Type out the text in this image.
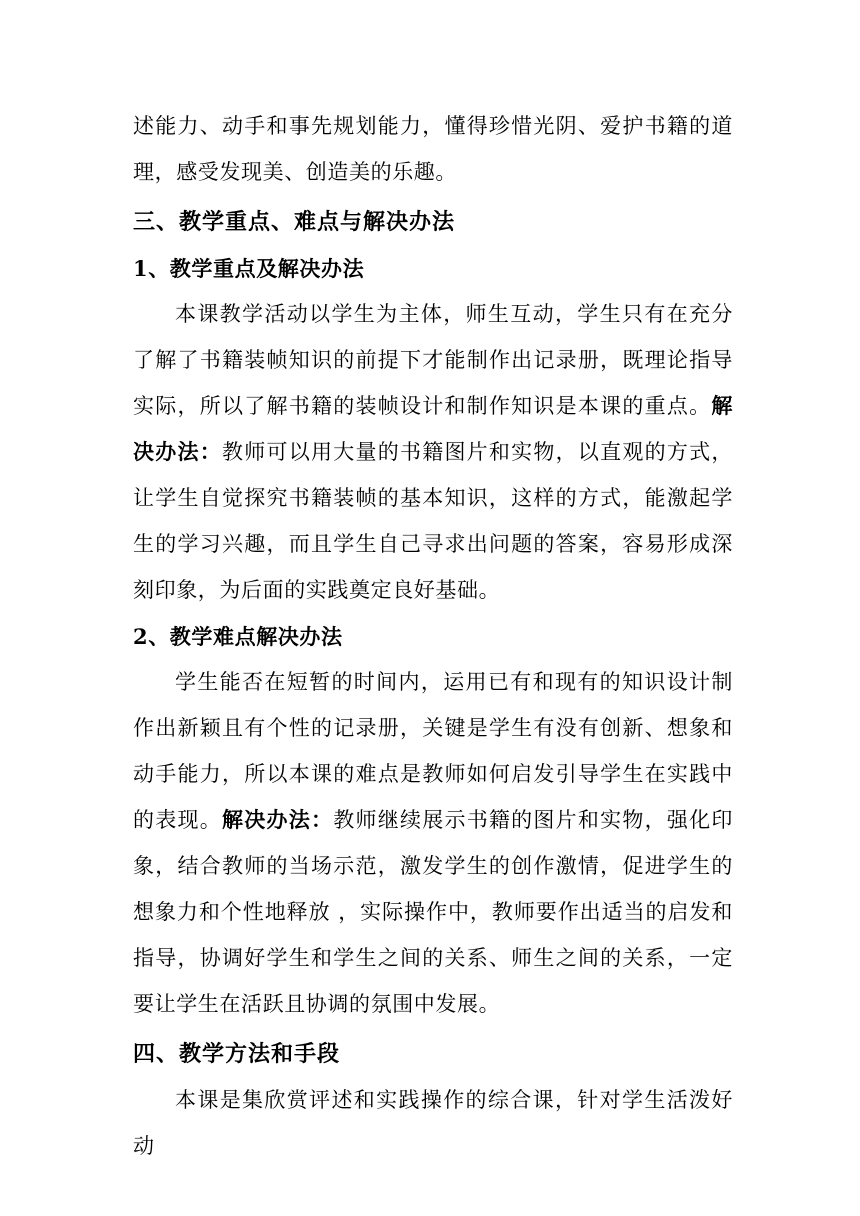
述能力、动手和事先规划能力，懂得珍惜光阴、爱护书籍的道理，感受发现美、创造美的乐趣。

三、教学重点、难点与解决办法
1、教学重点及解决办法

本课教学活动以学生为主体，师生互动，学生只有在充分了解了书籍装帧知识的前提下才能制作出记录册，既理论指导实际，所以了解书籍的装帧设计和制作知识是本课的重点。解决办法：教师可以用大量的书籍图片和实物，以直观的方式，让学生自觉探究书籍装帧的基本知识，这样的方式，能激起学生的学习兴趣，而且学生自己寻求出问题的答案，容易形成深刻印象，为后面的实践奠定良好基础。

2、教学难点解决办法

学生能否在短暂的时间内，运用已有和现有的知识设计制作出新颖且有个性的记录册，关键是学生有没有创新、想象和动手能力，所以本课的难点是教师如何启发引导学生在实践中的表现。解决办法：教师继续展示书籍的图片和实物，强化印象，结合教师的当场示范，激发学生的创作激情，促进学生的想象力和个性地释放 ，实际操作中，教师要作出适当的启发和指导，协调好学生和学生之间的关系、师生之间的关系，一定要让学生在活跃且协调的氛围中发展。

四、教学方法和手段

本课是集欣赏评述和实践操作的综合课，针对学生活泼好动
